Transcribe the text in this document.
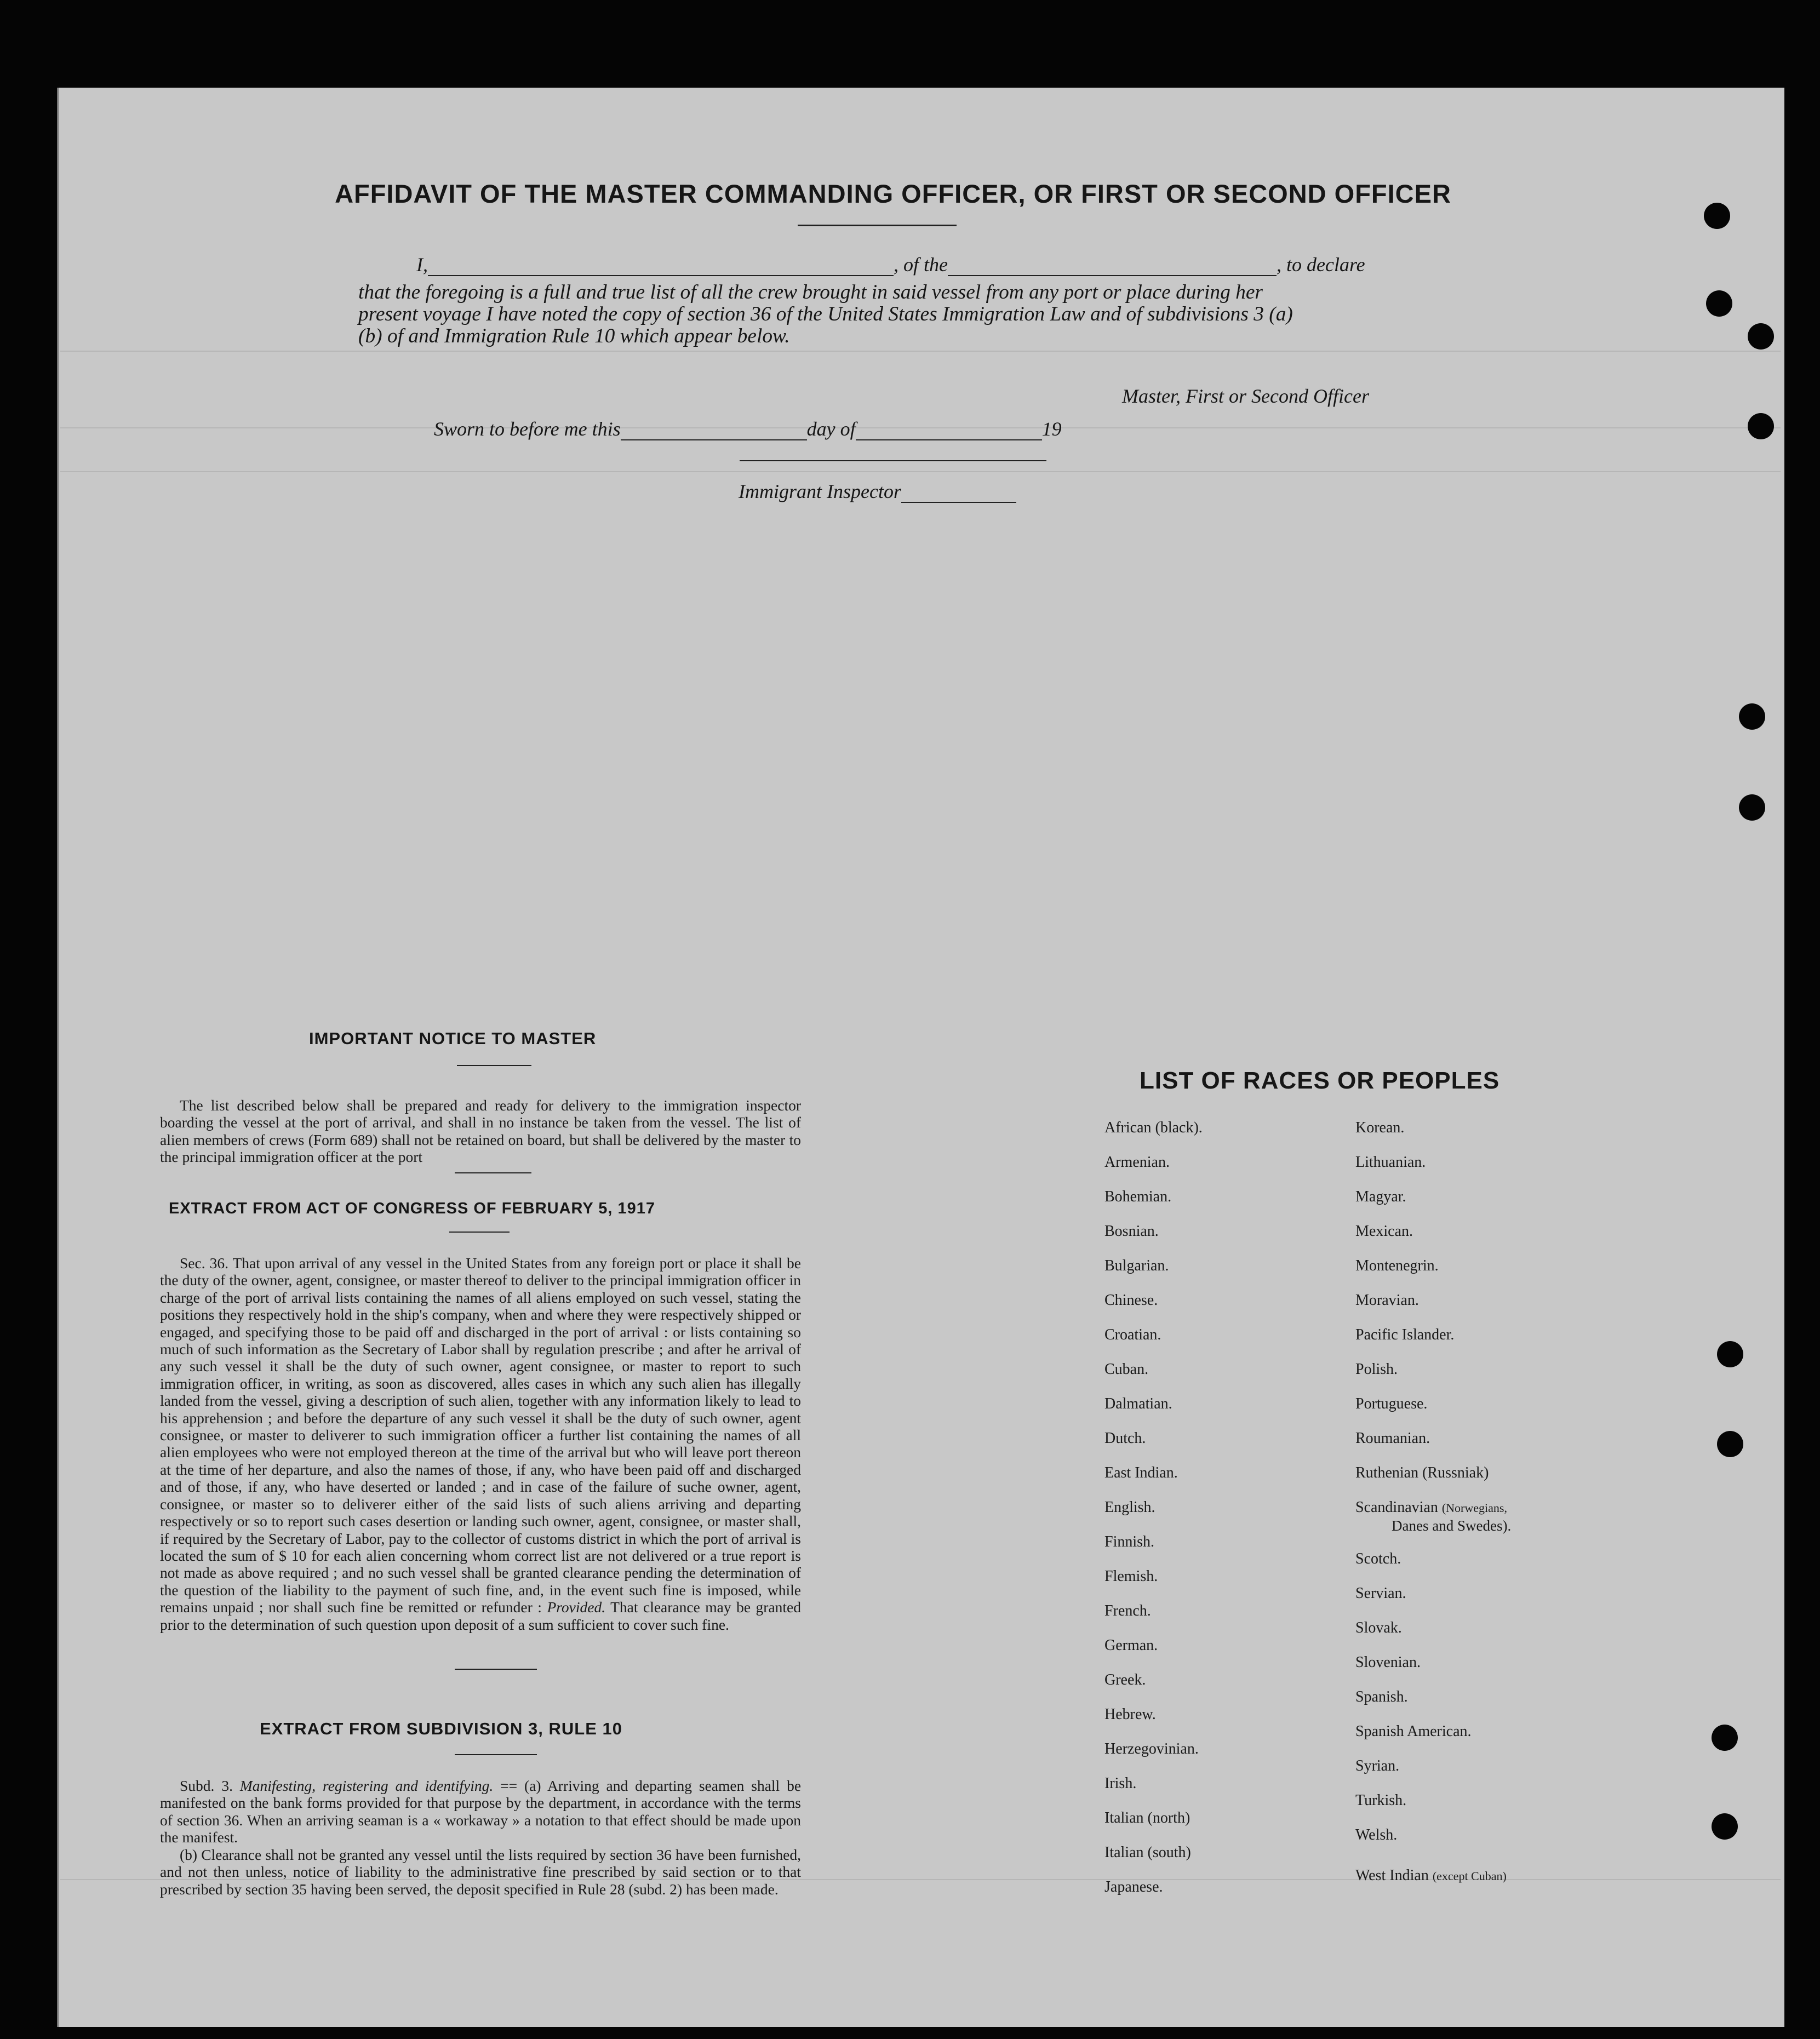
AFFIDAVIT OF THE MASTER COMMANDING OFFICER, OR FIRST OR SECOND OFFICER
I,	, of the	, to declare
that the foregoing is a full and true list of all the crew brought in said vessel from any port or place during her
present voyage I have noted the copy of section 36 of the United States Immigration Law and of subdivisions 3 (a)
(b) of and Immigration Rule 10 which appear below.
Master, First or Second Officer
Sworn to before me this	day of	19
Immigrant Inspector
IMPORTANT NOTICE TO MASTER
The list described below shall be prepared and ready for delivery to the immigration inspector boarding the vessel at the port of arrival, and shall in no instance be taken from the vessel. The list of alien members of crews (Form 689) shall not be retained on board, but shall be delivered by the master to the principal immigration officer at the port
EXTRACT FROM ACT OF CONGRESS OF FEBRUARY 5, 1917
Sec. 36. That upon arrival of any vessel in the United States from any foreign port or place it shall be the duty of the owner, agent, consignee, or master thereof to deliver to the principal immigration officer in charge of the port of arrival lists containing the names of all aliens employed on such vessel, stating the positions they respectively hold in the ship's company, when and where they were respectively shipped or engaged, and specifying those to be paid off and discharged in the port of arrival : or lists containing so much of such information as the Secretary of Labor shall by regulation prescribe ; and after he arrival of any such vessel it shall be the duty of such owner, agent consignee, or master to report to such immigration officer, in writing, as soon as discovered, alles cases in which any such alien has illegally landed from the vessel, giving a description of such alien, together with any information likely to lead to his apprehension ; and before the departure of any such vessel it shall be the duty of such owner, agent consignee, or master to deliverer to such immigration officer a further list containing the names of all alien employees who were not employed thereon at the time of the arrival but who will leave port thereon at the time of her departure, and also the names of those, if any, who have been paid off and discharged and of those, if any, who have deserted or landed ; and in case of the failure of suche owner, agent, consignee, or master so to deliverer either of the said lists of such aliens arriving and departing respectively or so to report such cases desertion or landing such owner, agent, consignee, or master shall, if required by the Secretary of Labor, pay to the collector of customs district in which the port of arrival is located the sum of $ 10 for each alien concerning whom correct list are not delivered or a true report is not made as above required ; and no such vessel shall be granted clearance pending the determination of the question of the liability to the payment of such fine, and, in the event such fine is imposed, while remains unpaid ; nor shall such fine be remitted or refunder : Provided. That clearance may be granted prior to the determination of such question upon deposit of a sum sufficient to cover such fine.
EXTRACT FROM SUBDIVISION 3, RULE 10
Subd. 3. Manifesting, registering and identifying. == (a) Arriving and departing seamen shall be manifested on the bank forms provided for that purpose by the department, in accordance with the terms of section 36. When an arriving seaman is a « workaway » a notation to that effect should be made upon the manifest.
(b) Clearance shall not be granted any vessel until the lists required by section 36 have been furnished, and not then unless, notice of liability to the administrative fine prescribed by said section or to that prescribed by section 35 having been served, the deposit specified in Rule 28 (subd. 2) has been made.
LIST OF RACES OR PEOPLES
African (black).
Armenian.
Bohemian.
Bosnian.
Bulgarian.
Chinese.
Croatian.
Cuban.
Dalmatian.
Dutch.
East Indian.
English.
Finnish.
Flemish.
French.
German.
Greek.
Hebrew.
Herzegovinian.
Irish.
Italian (north)
Italian (south)
Japanese.
Korean.
Lithuanian.
Magyar.
Mexican.
Montenegrin.
Moravian.
Pacific Islander.
Polish.
Portuguese.
Roumanian.
Ruthenian (Russniak)
Scandinavian (Norwegians,
Danes and Swedes).
Scotch.
Servian.
Slovak.
Slovenian.
Spanish.
Spanish American.
Syrian.
Turkish.
Welsh.
West Indian (except Cuban)
